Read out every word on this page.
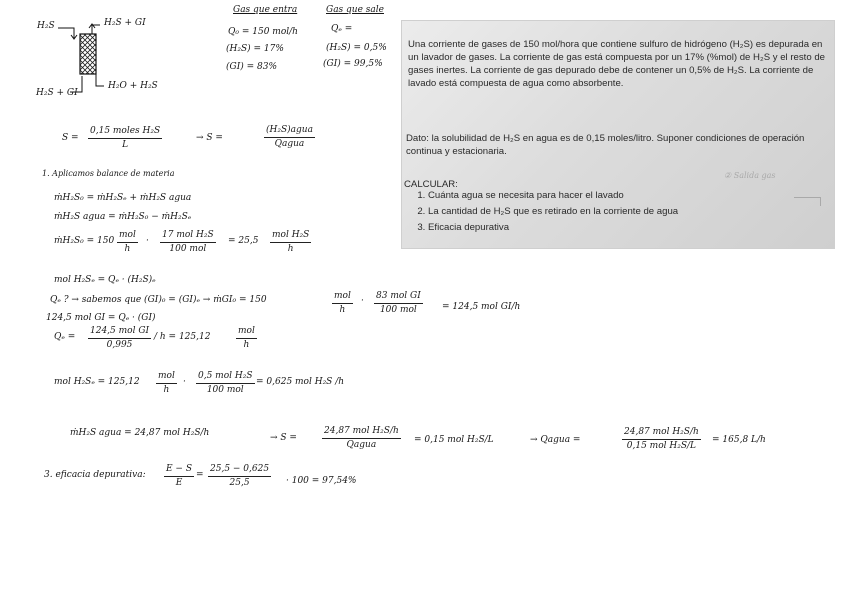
H₂S	H₂S + GI
H₂O + H₂S
H₂S + GI
Gas que entra	Gas que sale
Q₀ = 150 mol/h
(H₂S) = 17%
(GI) = 83%
Qₑ =
(H₂S) = 0,5%
(GI) = 99,5%
S =
0,15 moles H₂S
L
→ S =
(H₂S)agua
Qagua
1. Aplicamos balance de materia
ṁH₂S₀ = ṁH₂Sₑ + ṁH₂S agua
ṁH₂S agua = ṁH₂S₀ − ṁH₂Sₑ
ṁH₂S₀ = 150
mol
h
·
17 mol H₂S
100 mol
= 25,5
mol H₂S
h
mol H₂Sₑ = Qₑ · (H₂S)ₑ
Qₑ ? → sabemos que (GI)₀ = (GI)ₑ → ṁGI₀ = 150	mol
h
· 83 mol GI
100 mol	= 124,5 mol GI/h
124,5 mol GI = Qₑ · (GI)
Qₑ =
124,5 mol GI
0,995
/ h = 125,12
mol
h
mol H₂Sₑ = 125,12
mol
h
·
0,5 mol H₂S
100 mol
= 0,625 mol H₂S /h
ṁH₂S agua = 24,87 mol H₂S/h	→ S =
24,87 mol H₂S/h
Qagua	= 0,15 mol H₂S/L	→ Qagua =
24,87 mol H₂S/h
0,15 mol H₂S/L
= 165,8 L/h
3. eficacia depurativa: $\frac{E - S}{E} = \frac{25,5 - 0,625}{25,5} \cdot 100 = 97,54\%$
Una corriente de gases de 150 mol/hora que contiene sulfuro de hidrógeno (H₂S) es depurada en un lavador de gases. La corriente de gas está compuesta por un 17% (%mol) de H₂S y el resto de gases inertes. La corriente de gas depurado debe de contener un 0,5% de H₂S. La corriente de lavado está compuesta de agua como absorbente.
Dato: la solubilidad de H₂S en agua es de 0,15 moles/litro. Suponer condiciones de operación continua y estacionaria.
CALCULAR:
1. Cuánta agua se necesita para hacer el lavado
2. La cantidad de H₂S que es retirado en la corriente de agua
3. Eficacia depurativa
② Salida gas
